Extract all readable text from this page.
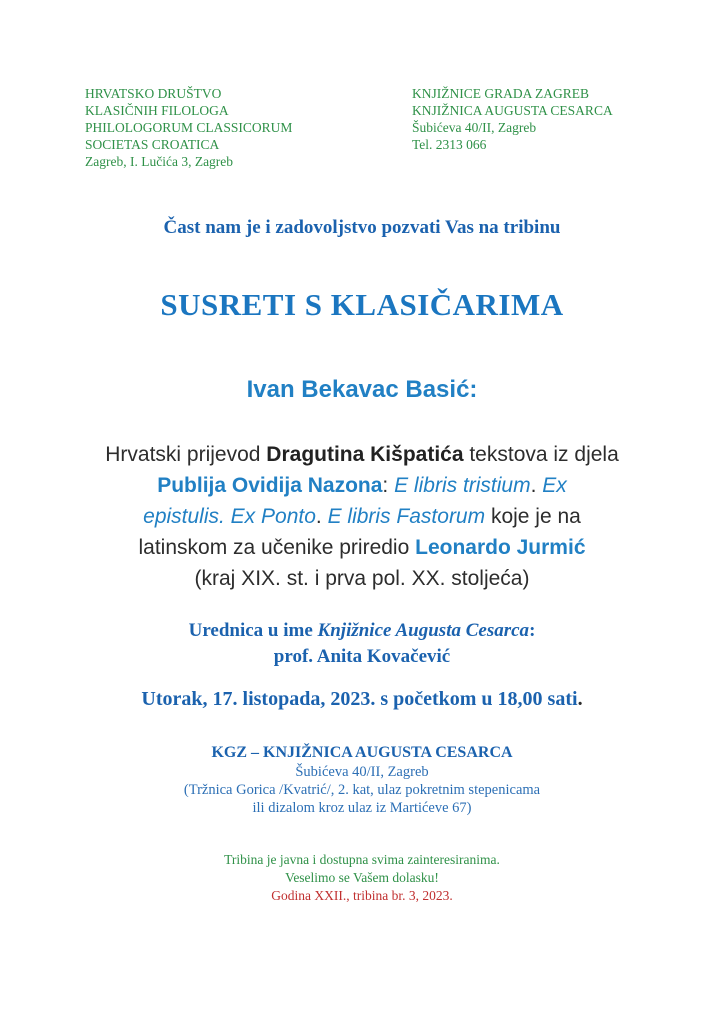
HRVATSKO DRUŠTVO
KLASIČNIH FILOLOGA
PHILOLOGORUM CLASSICORUM
SOCIETAS CROATICA
Zagreb, I. Lučića 3, Zagreb
KNJIŽNICE GRADA ZAGREB
KNJIŽNICA AUGUSTA CESARCA
Šubićeva 40/II, Zagreb
Tel. 2313 066
Čast nam je i zadovoljstvo pozvati Vas na tribinu
SUSRETI S KLASIČARIMA
Ivan Bekavac Basić:
Hrvatski prijevod Dragutina Kišpatića tekstova iz djela
Publija Ovidija Nazona: E libris tristium. Ex
epistulis. Ex Ponto. E libris Fastorum koje je na
latinskom za učenike priredio Leonardo Jurmić
(kraj XIX. st. i prva pol. XX. stoljeća)
Urednica u ime Knjižnice Augusta Cesarca:
prof. Anita Kovačević
Utorak, 17. listopada, 2023. s početkom u 18,00 sati.
KGZ – KNJIŽNICA AUGUSTA CESARCA
Šubićeva 40/II, Zagreb
(Tržnica Gorica /Kvatrić/, 2. kat, ulaz pokretnim stepenicama
ili dizalom kroz ulaz iz Martićeve 67)
Tribina je javna i dostupna svima zainteresiranima.
Veselimo se Vašem dolasku!
Godina XXII., tribina br. 3, 2023.
